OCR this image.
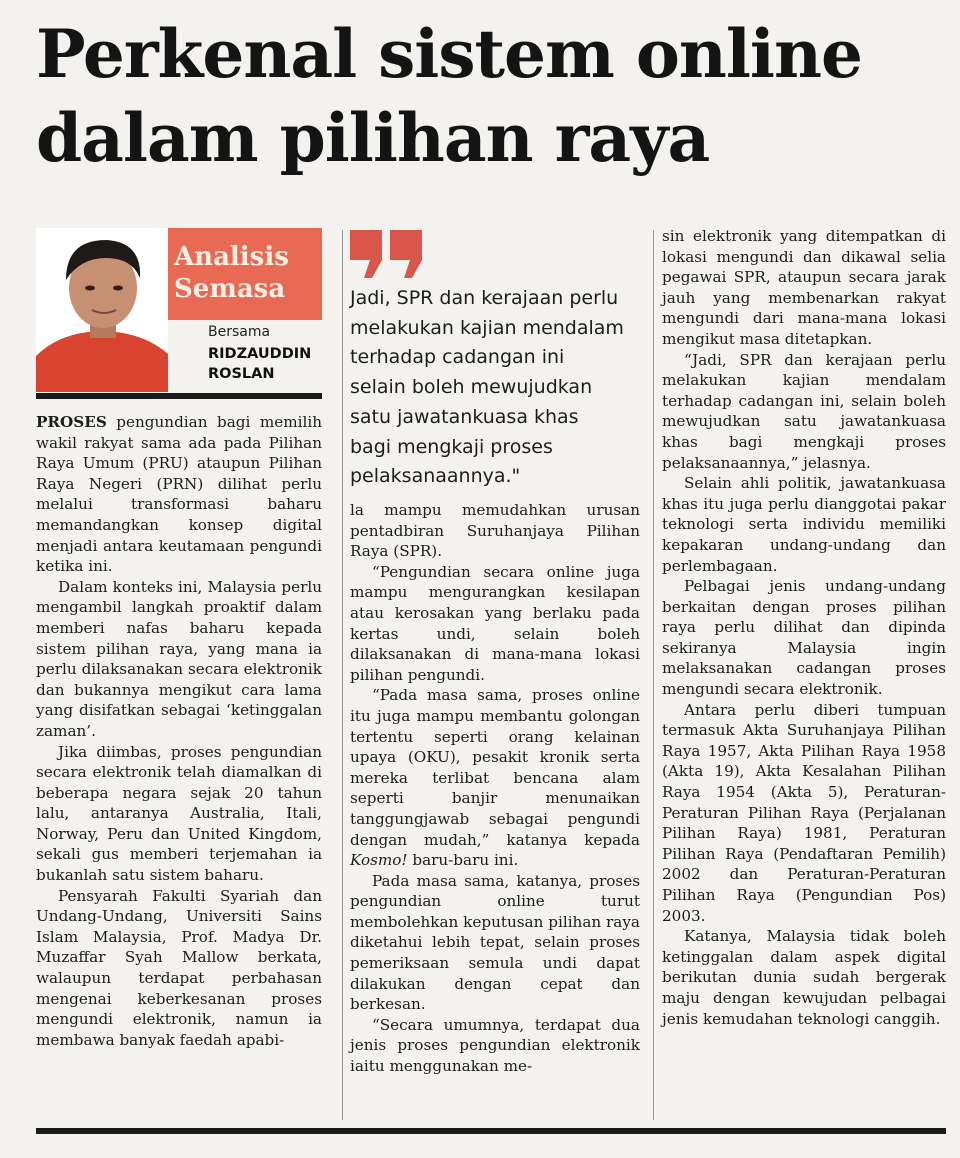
Perkenal sistem online
dalam pilihan raya
Analisis
Semasa
Bersama
RIDZAUDDIN
ROSLAN

PROSES pengundian bagi memilih wakil rakyat sama ada pada Pilihan Raya Umum (PRU) ataupun Pilihan Raya Negeri (PRN) dilihat perlu melalui transformasi baharu memandangkan konsep digital menjadi antara keutamaan pengundi ketika ini.

Dalam konteks ini, Malaysia perlu mengambil langkah proaktif dalam memberi nafas baharu kepada sistem pilihan raya, yang mana ia perlu dilaksanakan secara elektronik dan bukannya mengikut cara lama yang disifatkan sebagai ‘ketinggalan zaman’.

Jika diimbas, proses pengundian secara elektronik telah diamalkan di beberapa negara sejak 20 tahun lalu, antaranya Australia, Itali, Norway, Peru dan United Kingdom, sekali gus memberi terjemahan ia bukanlah satu sistem baharu.

Pensyarah Fakulti Syariah dan Undang-Undang, Universiti Sains Islam Malaysia, Prof. Madya Dr. Muzaffar Syah Mallow berkata, walaupun terdapat perbahasan mengenai keberkesanan proses mengundi elektronik, namun ia membawa banyak faedah apabi-

Jadi, SPR dan kerajaan perlu
melakukan kajian mendalam
terhadap cadangan ini
selain boleh mewujudkan
satu jawatankuasa khas
bagi mengkaji proses
pelaksanaannya."

la mampu memudahkan urusan pentadbiran Suruhanjaya Pilihan Raya (SPR).

“Pengundian secara online juga mampu mengurangkan kesilapan atau kerosakan yang berlaku pada kertas undi, selain boleh dilaksanakan di mana-mana lokasi pilihan pengundi.

“Pada masa sama, proses online itu juga mampu membantu golongan tertentu seperti orang kelainan upaya (OKU), pesakit kronik serta mereka terlibat bencana alam seperti banjir menunaikan tanggungjawab sebagai pengundi dengan mudah,” katanya kepada Kosmo! baru-baru ini.

Pada masa sama, katanya, proses pengundian online turut membolehkan keputusan pilihan raya diketahui lebih tepat, selain proses pemeriksaan semula undi dapat dilakukan dengan cepat dan berkesan.

“Secara umumnya, terdapat dua jenis proses pengundian elektronik iaitu menggunakan me-

sin elektronik yang ditempatkan di lokasi mengundi dan dikawal selia pegawai SPR, ataupun secara jarak jauh yang membenarkan rakyat mengundi dari mana-mana lokasi mengikut masa ditetapkan.

“Jadi, SPR dan kerajaan perlu melakukan kajian mendalam terhadap cadangan ini, selain boleh mewujudkan satu jawatankuasa khas bagi mengkaji proses pelaksanaannya,” jelasnya.

Selain ahli politik, jawatankuasa khas itu juga perlu dianggotai pakar teknologi serta individu memiliki kepakaran undang-undang dan perlembagaan.

Pelbagai jenis undang-undang berkaitan dengan proses pilihan raya perlu dilihat dan dipinda sekiranya Malaysia ingin melaksanakan cadangan proses mengundi secara elektronik.

Antara perlu diberi tumpuan termasuk Akta Suruhanjaya Pilihan Raya 1957, Akta Pilihan Raya 1958 (Akta 19), Akta Kesalahan Pilihan Raya 1954 (Akta 5), Peraturan- Peraturan Pilihan Raya (Perjalanan Pilihan Raya) 1981, Peraturan Pilihan Raya (Pendaftaran Pemilih) 2002 dan Peraturan-Peraturan Pilihan Raya (Pengundian Pos) 2003.

Katanya, Malaysia tidak boleh ketinggalan dalam aspek digital berikutan dunia sudah bergerak maju dengan kewujudan pelbagai jenis kemudahan teknologi canggih.
